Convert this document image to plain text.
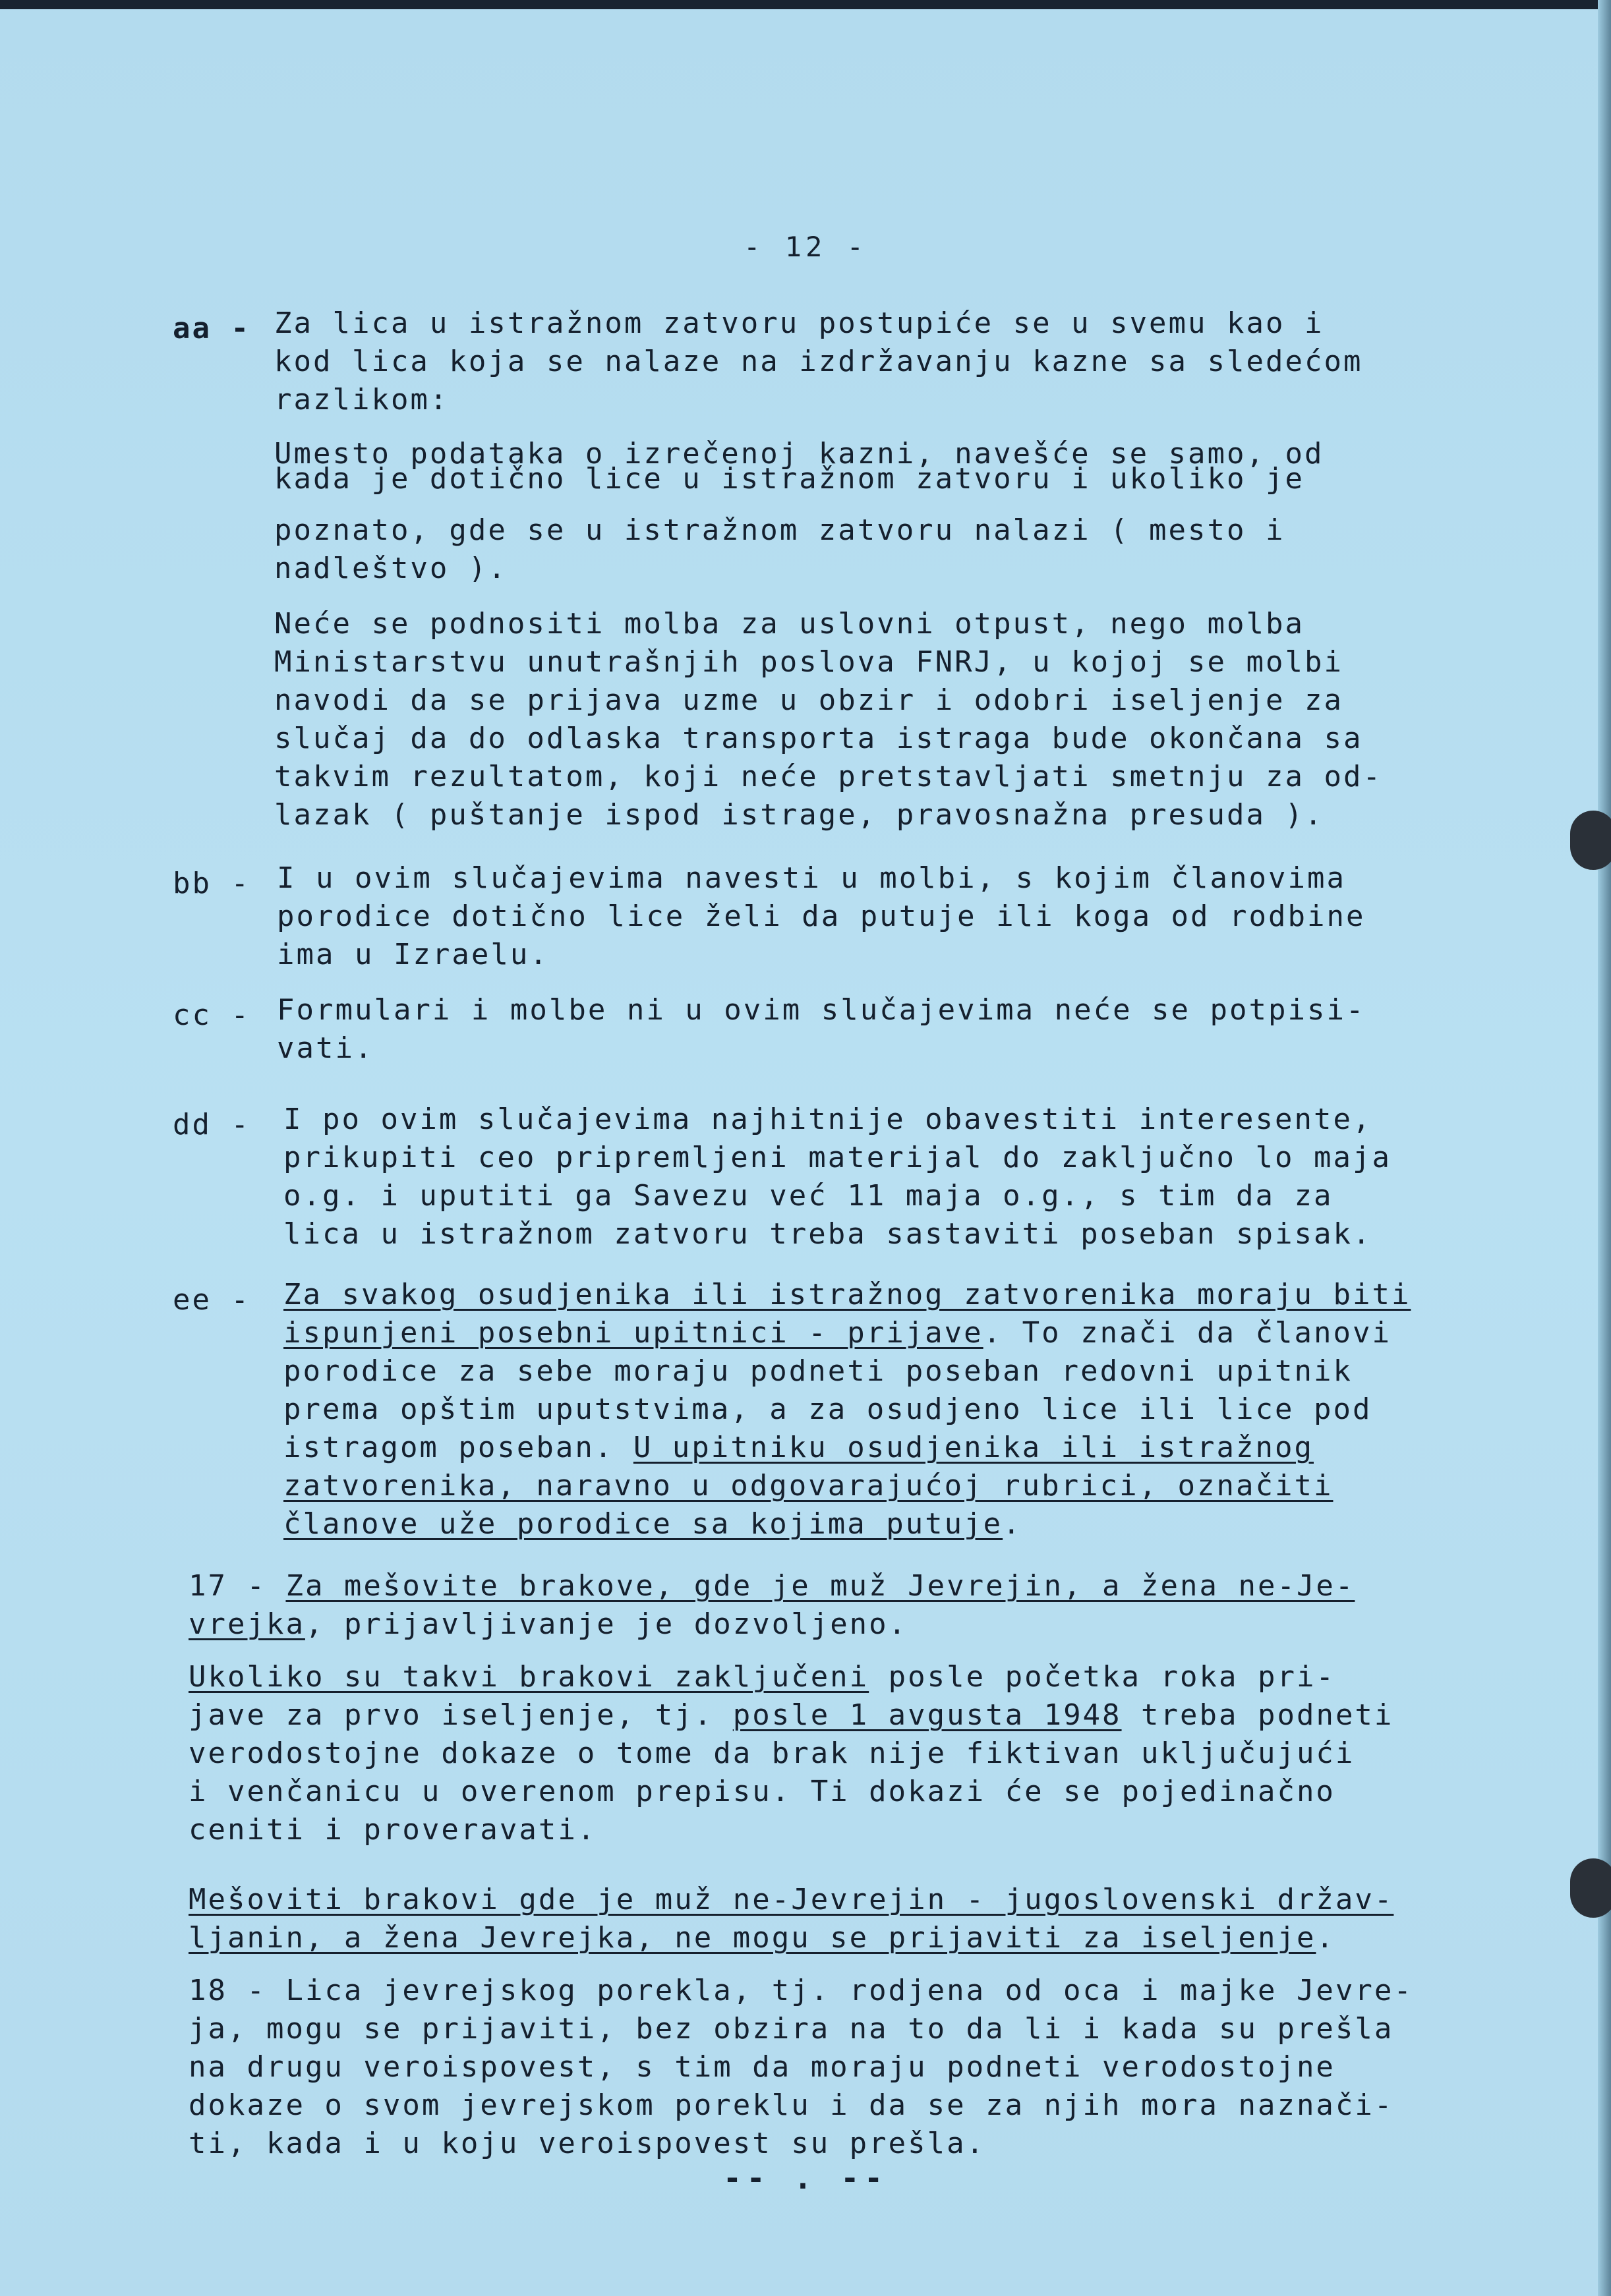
- 12 -
aa - Za lica u istražnom zatvoru postupiće se u svemu kao i
kod lica koja se nalaze na izdržavanju kazne sa sledećom
razlikom:
Umesto podataka o izrečenoj kazni, navešće se samo, od
kada je dotično lice u istražnom zatvoru i ukoliko je
poznato, gde se u istražnom zatvoru nalazi ( mesto i
nadleštvo ).
Neće se podnositi molba za uslovni otpust, nego molba
Ministarstvu unutrašnjih poslova FNRJ, u kojoj se molbi
navodi da se prijava uzme u obzir i odobri iseljenje za
slučaj da do odlaska transporta istraga bude okončana sa
takvim rezultatom, koji neće pretstavljati smetnju za od-
lazak ( puštanje ispod istrage, pravosnažna presuda ).
bb - I u ovim slučajevima navesti u molbi, s kojim članovima
porodice dotično lice želi da putuje ili koga od rodbine
ima u Izraelu.
cc - Formulari i molbe ni u ovim slučajevima neće se potpisi-
vati.
dd - I po ovim slučajevima najhitnije obavestiti interesente,
prikupiti ceo pripremljeni materijal do zaključno lo maja
o.g. i uputiti ga Savezu već 11 maja o.g., s tim da za
lica u istražnom zatvoru treba sastaviti poseban spisak.
ee - Za svakog osudjenika ili istražnog zatvorenika moraju biti
ispunjeni posebni upitnici - prijave. To znači da članovi
porodice za sebe moraju podneti poseban redovni upitnik
prema opštim uputstvima, a za osudjeno lice ili lice pod
istragom poseban. U upitniku osudjenika ili istražnog
zatvorenika, naravno u odgovarajućoj rubrici, označiti
članove uže porodice sa kojima putuje.
17 - Za mešovite brakove, gde je muž Jevrejin, a žena ne-Je-
vrejka, prijavljivanje je dozvoljeno.
Ukoliko su takvi brakovi zaključeni posle početka roka pri-
jave za prvo iseljenje, tj. posle 1 avgusta 1948 treba podneti
verodostojne dokaze o tome da brak nije fiktivan uključujući
i venčanicu u overenom prepisu. Ti dokazi će se pojedinačno
ceniti i proveravati.
Mešoviti brakovi gde je muž ne-Jevrejin - jugoslovenski držav-
ljanin, a žena Jevrejka, ne mogu se prijaviti za iseljenje.
18 - Lica jevrejskog porekla, tj. rodjena od oca i majke Jevre-
ja, mogu se prijaviti, bez obzira na to da li i kada su prešla
na drugu veroispovest, s tim da moraju podneti verodostojne
dokaze o svom jevrejskom poreklu i da se za njih mora naznači-
ti, kada i u koju veroispovest su prešla.
-- . --
